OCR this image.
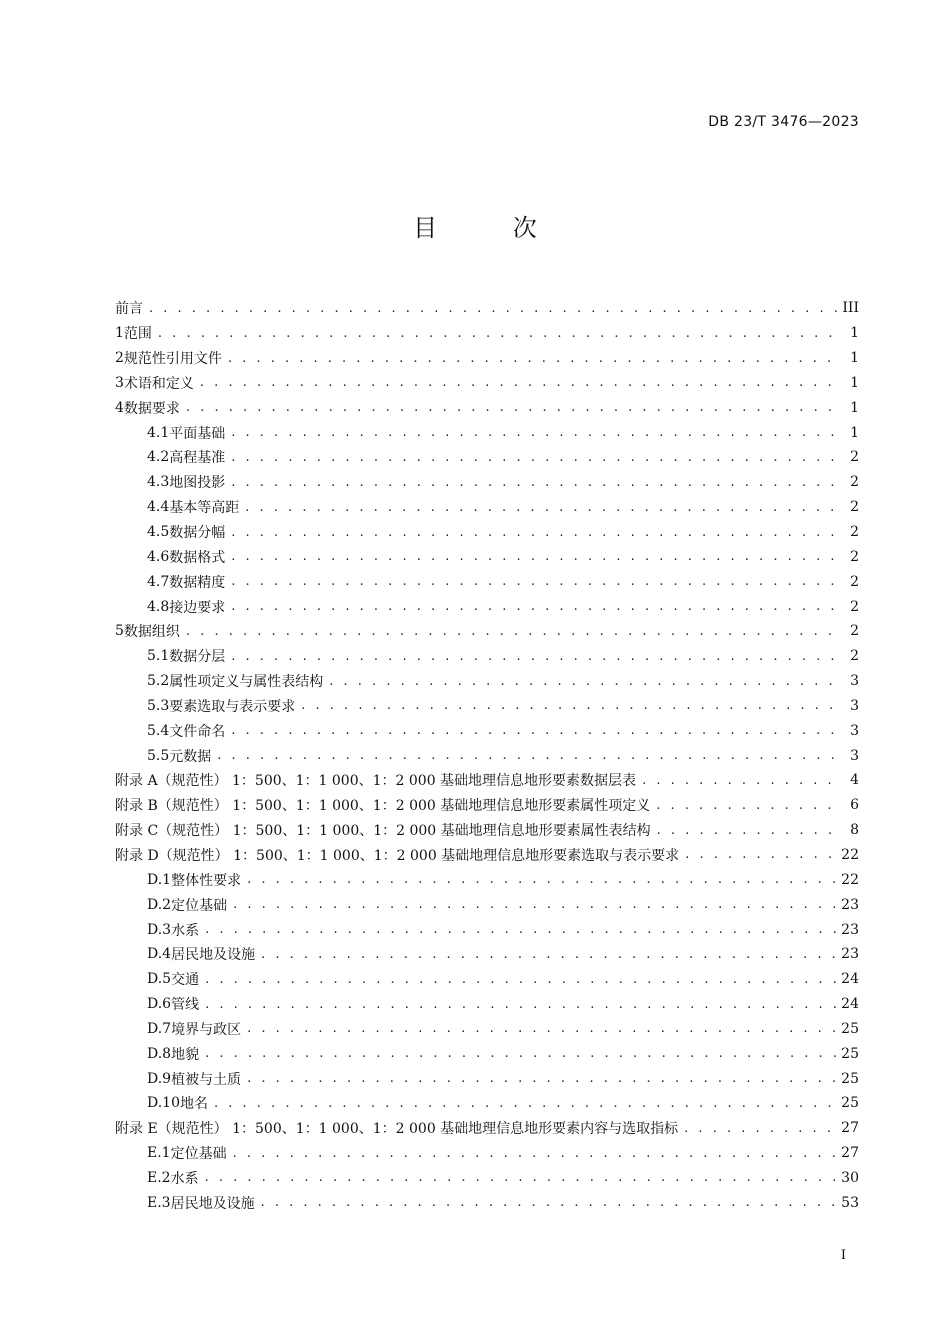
DB 23/T 3476—2023
目 次
前言 . . .	III
1 范围 . . .	1
2 规范性引用文件 . . .	1
3 术语和定义 . . .	1
4 数据要求 . . .	1
4.1 平面基础 . . .	1
4.2 高程基准 . . .	2
4.3 地图投影 . . .	2
4.4 基本等高距 . . .	2
4.5 数据分幅 . . .	2
4.6 数据格式 . . .	2
4.7 数据精度 . . .	2
4.8 接边要求 . . .	2
5 数据组织 . . .	2
5.1 数据分层 . . .	2
5.2 属性项定义与属性表结构 . . .	3
5.3 要素选取与表示要求 . . .	3
5.4 文件命名 . . .	3
5.5 元数据 . . .	3
附录 A（规范性） 1：500、1：1 000、1：2 000 基础地理信息地形要素数据层表 . . .	4
附录 B（规范性） 1：500、1：1 000、1：2 000 基础地理信息地形要素属性项定义 . . .	6
附录 C（规范性） 1：500、1：1 000、1：2 000 基础地理信息地形要素属性表结构 . . .	8
附录 D（规范性） 1：500、1：1 000、1：2 000 基础地理信息地形要素选取与表示要求 . . .	22
D.1 整体性要求 . . .	22
D.2 定位基础 . . .	23
D.3 水系 . . .	23
D.4 居民地及设施 . . .	23
D.5 交通 . . .	24
D.6 管线 . . .	24
D.7 境界与政区 . . .	25
D.8 地貌 . . .	25
D.9 植被与土质 . . .	25
D.10 地名 . . .	25
附录 E（规范性） 1：500、1：1 000、1：2 000 基础地理信息地形要素内容与选取指标 . . .	27
E.1 定位基础 . . .	27
E.2 水系 . . .	30
E.3 居民地及设施 . . .	53
I
